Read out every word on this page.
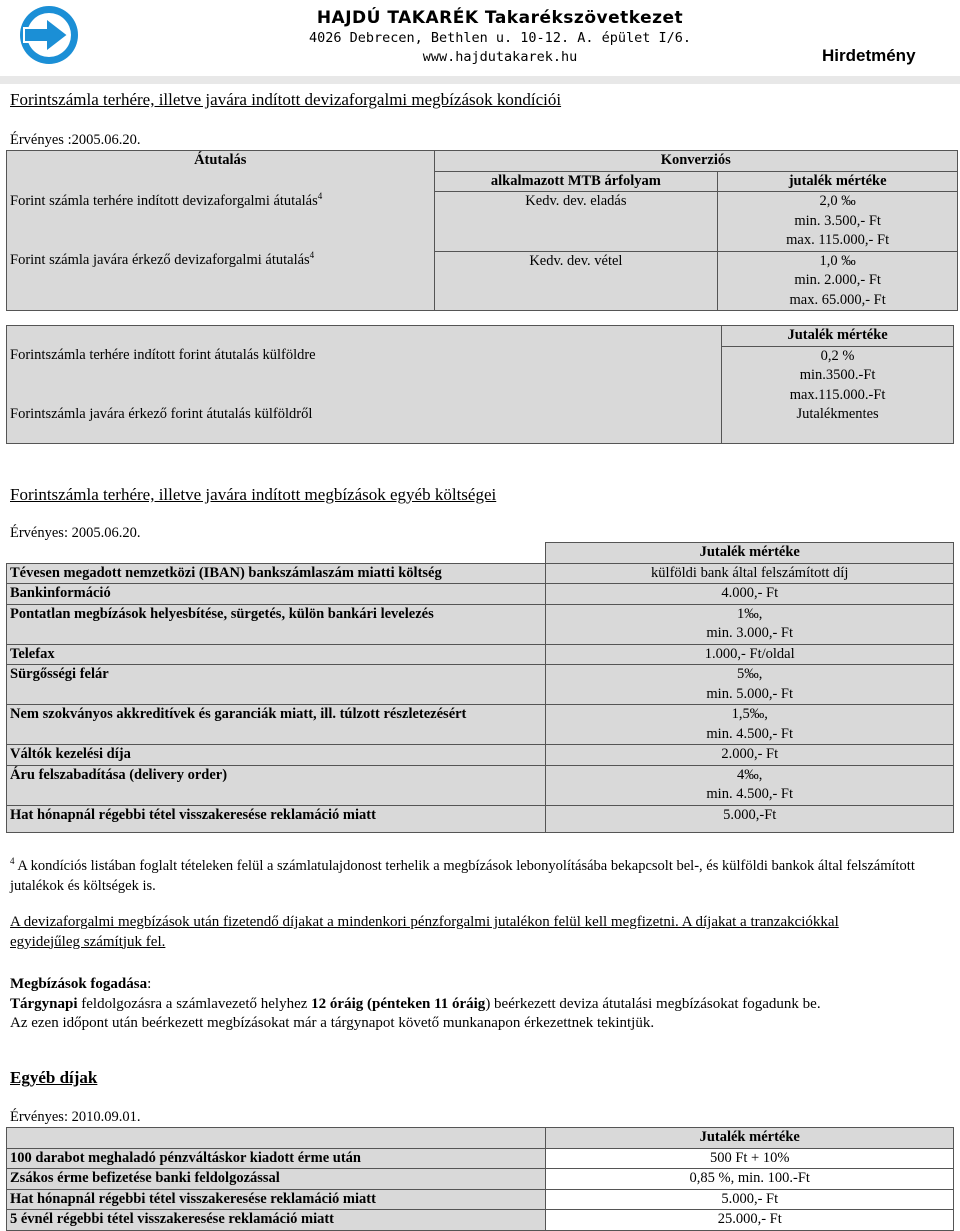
HAJDÚ TAKARÉK Takarékszövetkezet
4026 Debrecen, Bethlen u. 10-12. A. épület I/6.
www.hajdutakarek.hu	Hirdetmény
Forintszámla terhére, illetve javára indított devizaforgalmi megbízások kondíciói
Érvényes :2005.06.20.
Átutalás	Konverziós	
	alkalmazott MTB árfolyam	jutalék mértéke
Forint számla terhére indított devizaforgalmi átutalás$^4$	Kedv. dev. eladás	2,0 ‰
min. 3.500,- Ft
max. 115.000,- Ft

Forint számla javára érkező devizaforgalmi átutalás$^4$	Kedv. dev. vétel	1,0 ‰
min. 2.000,- Ft
max. 65.000,- Ft
	Jutalék mértéke
Forintszámla terhére indított forint átutalás külföldre	0,2 %
min.3500.-Ft
max.115.000.-Ft

Forintszámla javára érkező forint átutalás külföldről	Jutalékmentes
Forintszámla terhére, illetve javára indított megbízások egyéb költségei
Érvényes: 2005.06.20.
	Jutalék mértéke
Tévesen megadott nemzetközi (IBAN) bankszámlaszám miatti költség	külföldi bank által felszámított díj
Bankinformáció	4.000,- Ft
Pontatlan megbízások helyesbítése, sürgetés, külön bankári levelezés	1‰,
min. 3.000,- Ft

Telefax	1.000,- Ft/oldal
Sürgősségi felár	5‰,
min. 5.000,- Ft

Nem szokványos akkreditívek és garanciák miatt, ill. túlzott részletezésért	1,5‰,
min. 4.500,- Ft

Váltók kezelési díja	2.000,- Ft
Áru felszabadítása (delivery order)	4‰,
min. 4.500,- Ft

Hat hónapnál régebbi tétel visszakeresése reklamáció miatt	5.000,-Ft
$^4$ A kondíciós listában foglalt tételeken felül a számlatulajdonost terhelik a megbízások lebonyolításába bekapcsolt bel-, és külföldi bankok által felszámított jutalékok és költségek is.
A devizaforgalmi megbízások után fizetendő díjakat a mindenkori pénzforgalmi jutalékon felül kell megfizetni. A díjakat a tranzakciókkal egyidejűleg számítjuk fel.
Megbízások fogadása:
Tárgynapi feldolgozásra a számlavezető helyhez 12 óráig (pénteken 11 óráig) beérkezett deviza átutalási megbízásokat fogadunk be.
Az ezen időpont után beérkezett megbízásokat már a tárgynapot követő munkanapon érkezettnek tekintjük.
Egyéb díjak
Érvényes: 2010.09.01.
	Jutalék mértéke
100 darabot meghaladó pénzváltáskor kiadott érme után	500 Ft + 10%
Zsákos érme befizetése banki feldolgozással	0,85 %, min. 100.-Ft
Hat hónapnál régebbi tétel visszakeresése reklamáció miatt	5.000,- Ft
5 évnél régebbi tétel visszakeresése reklamáció miatt	25.000,- Ft
